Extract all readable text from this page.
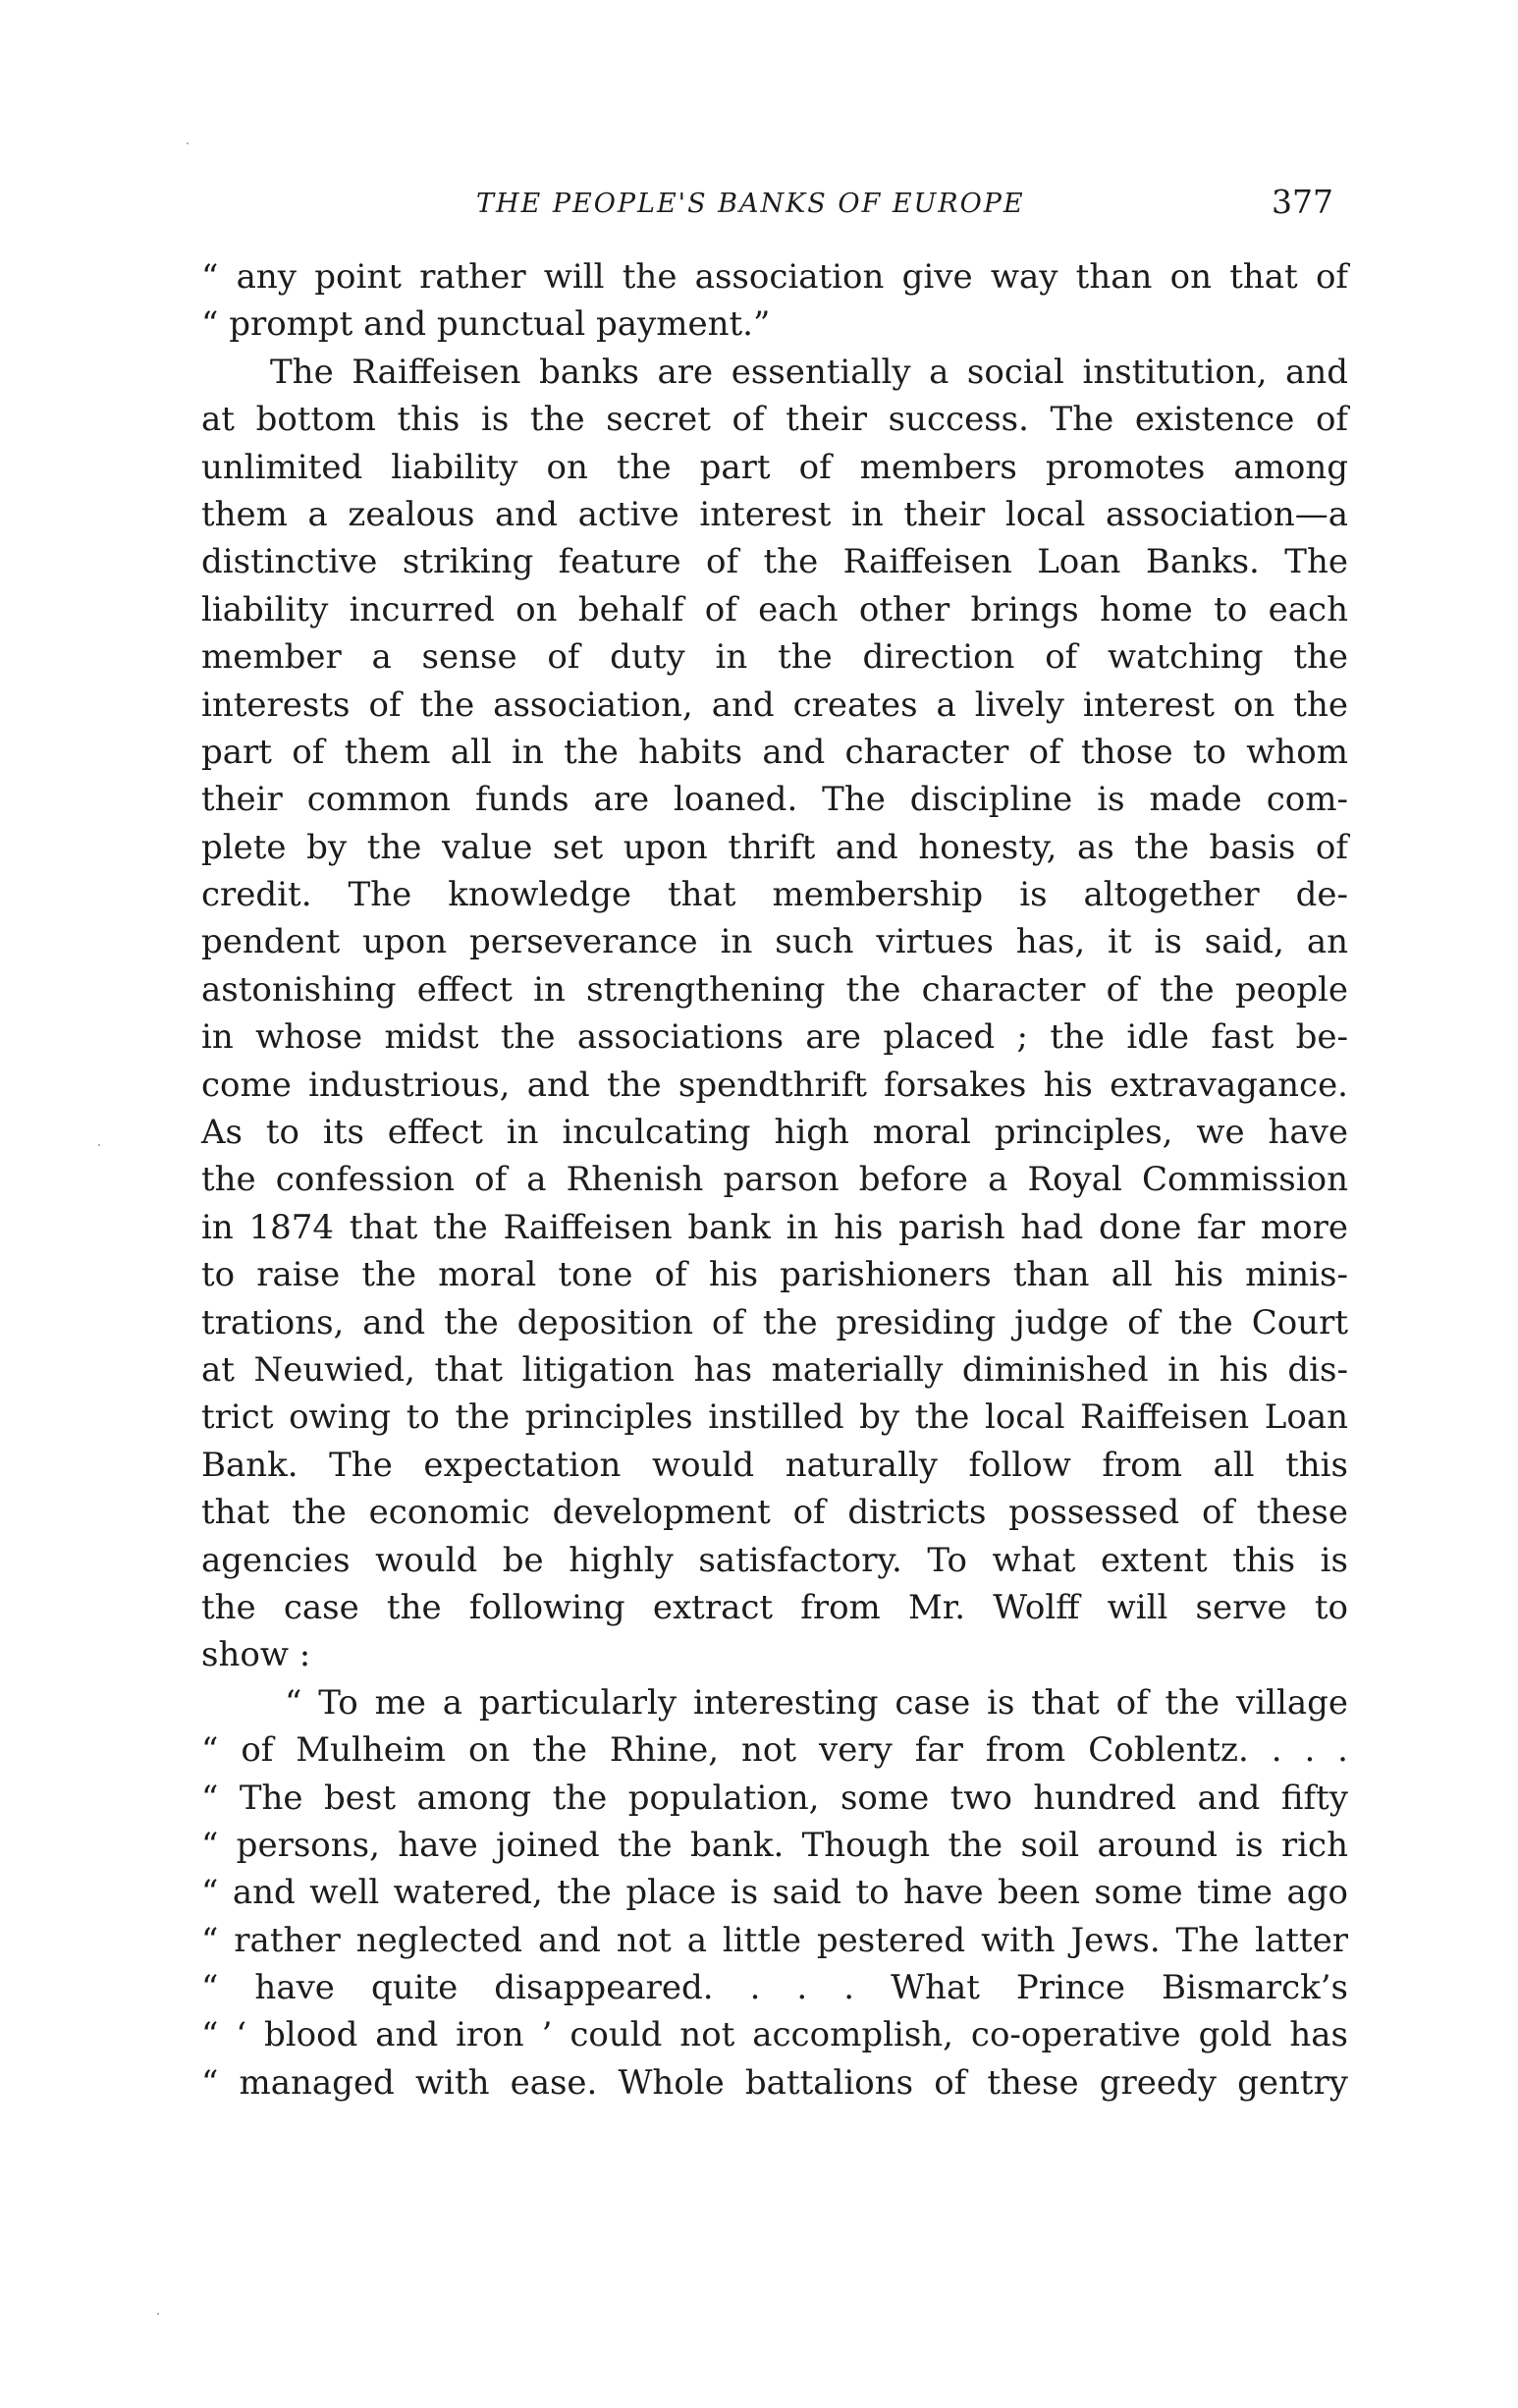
THE PEOPLE'S BANKS OF EUROPE	377
“ any point rather will the association give way than on that of
“ prompt and punctual payment.”
The Raiffeisen banks are essentially a social institution, and
at bottom this is the secret of their success. The existence of
unlimited liability on the part of members promotes among
them a zealous and active interest in their local association—a
distinctive striking feature of the Raiffeisen Loan Banks. The
liability incurred on behalf of each other brings home to each
member a sense of duty in the direction of watching the
interests of the association, and creates a lively interest on the
part of them all in the habits and character of those to whom
their common funds are loaned. The discipline is made com-
plete by the value set upon thrift and honesty, as the basis of
credit. The knowledge that membership is altogether de-
pendent upon perseverance in such virtues has, it is said, an
astonishing effect in strengthening the character of the people
in whose midst the associations are placed ; the idle fast be-
come industrious, and the spendthrift forsakes his extravagance.
As to its effect in inculcating high moral principles, we have
the confession of a Rhenish parson before a Royal Commission
in 1874 that the Raiffeisen bank in his parish had done far more
to raise the moral tone of his parishioners than all his minis-
trations, and the deposition of the presiding judge of the Court
at Neuwied, that litigation has materially diminished in his dis-
trict owing to the principles instilled by the local Raiffeisen Loan
Bank. The expectation would naturally follow from all this
that the economic development of districts possessed of these
agencies would be highly satisfactory. To what extent this is
the case the following extract from Mr. Wolff will serve to
show :
“ To me a particularly interesting case is that of the village
“ of Mulheim on the Rhine, not very far from Coblentz. . . .
“ The best among the population, some two hundred and fifty
“ persons, have joined the bank. Though the soil around is rich
“ and well watered, the place is said to have been some time ago
“ rather neglected and not a little pestered with Jews. The latter
“ have quite disappeared. . . . What Prince Bismarck’s
“ ‘ blood and iron ’ could not accomplish, co-operative gold has
“ managed with ease. Whole battalions of these greedy gentry
